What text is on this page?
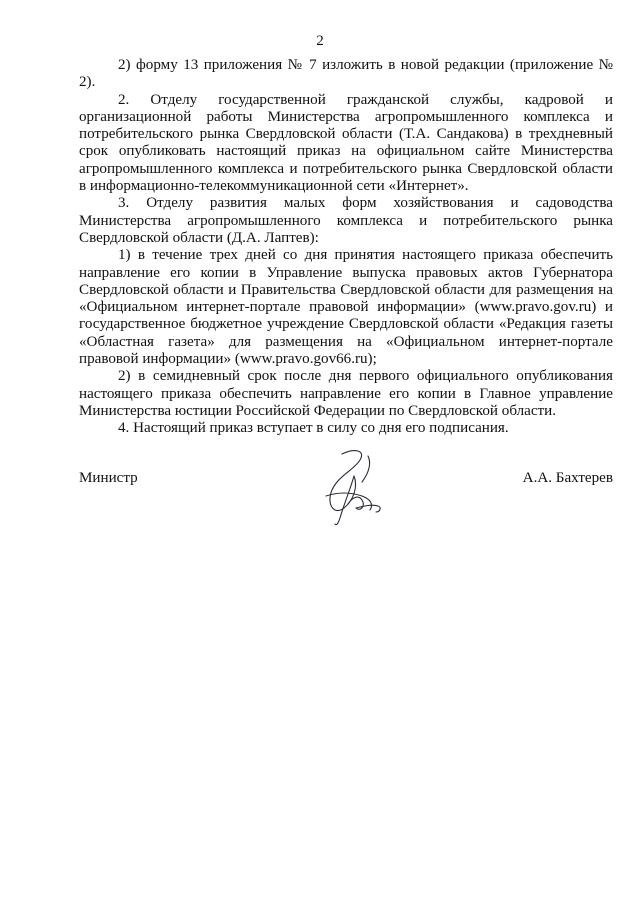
2

2) форму 13 приложения № 7 изложить в новой редакции (приложение № 2).

2. Отделу государственной гражданской службы, кадровой и организационной работы Министерства агропромышленного комплекса и потребительского рынка Свердловской области (Т.А. Сандакова) в трехдневный срок опубликовать настоящий приказ на официальном сайте Министерства агропромышленного комплекса и потребительского рынка Свердловской области в информационно-телекоммуникационной сети «Интернет».

3. Отделу развития малых форм хозяйствования и садоводства Министерства агропромышленного комплекса и потребительского рынка Свердловской области (Д.А. Лаптев):

1) в течение трех дней со дня принятия настоящего приказа обеспечить направление его копии в Управление выпуска правовых актов Губернатора Свердловской области и Правительства Свердловской области для размещения на «Официальном интернет-портале правовой информации» (www.pravo.gov.ru) и государственное бюджетное учреждение Свердловской области «Редакция газеты «Областная газета» для размещения на «Официальном интернет-портале правовой информации» (www.pravo.gov66.ru);

2) в семидневный срок после дня первого официального опубликования настоящего приказа обеспечить направление его копии в Главное управление Министерства юстиции Российской Федерации по Свердловской области.

4. Настоящий приказ вступает в силу со дня его подписания.

Министр	А.А. Бахтерев
